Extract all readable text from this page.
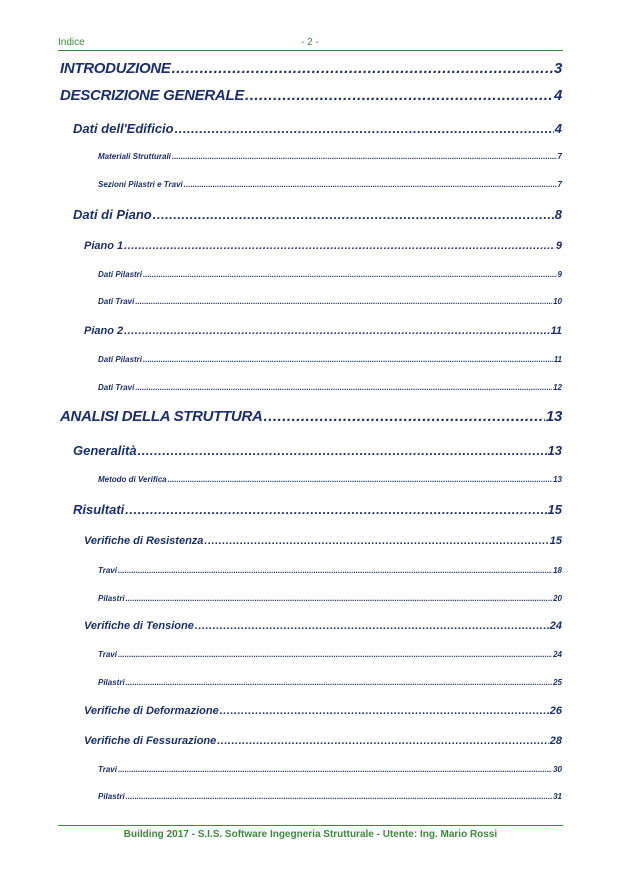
Indice	- 2 -
INTRODUZIONE .....	3
DESCRIZIONE GENERALE .....	4
Dati dell'Edificio .....	4
Materiali Strutturali .....	7
Sezioni Pilastri e Travi .....	7
Dati di Piano .....	8
Piano 1 .....	9
Dati Pilastri .....	9
Dati Travi .....	10
Piano 2 .....	11
Dati Pilastri .....	11
Dati Travi .....	12
ANALISI DELLA STRUTTURA .....	13
Generalità .....	13
Metodo di Verifica .....	13
Risultati .....	15
Verifiche di Resistenza .....	15
Travi .....	18
Pilastri .....	20
Verifiche di Tensione .....	24
Travi .....	24
Pilastri .....	25
Verifiche di Deformazione .....	26
Verifiche di Fessurazione .....	28
Travi .....	30
Pilastri .....	31
Building 2017 - S.I.S. Software Ingegneria Strutturale - Utente: Ing. Mario Rossi
